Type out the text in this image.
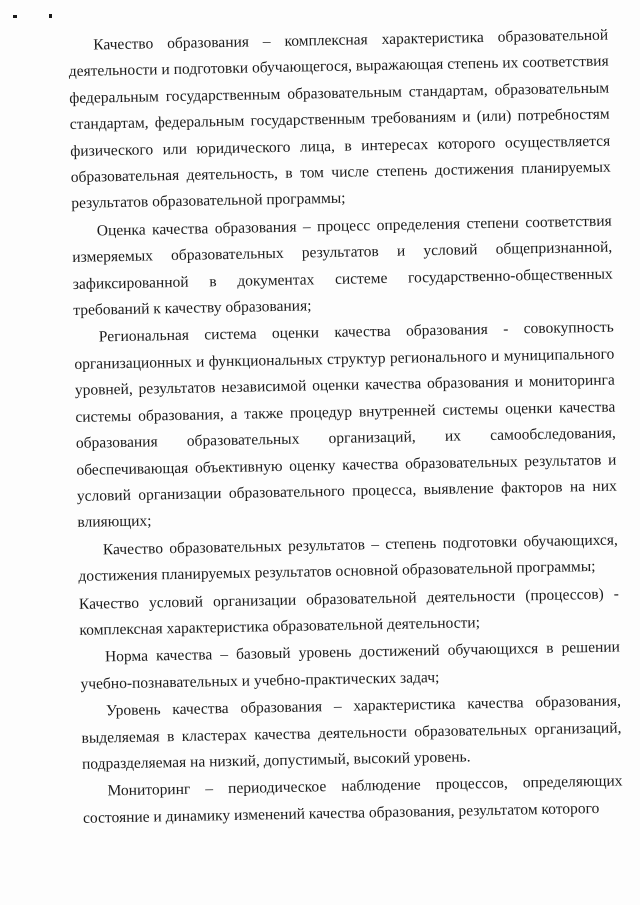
Качество образования – комплексная характеристика образовательной деятельности и подготовки обучающегося, выражающая степень их соответствия федеральным государственным образовательным стандартам, образовательным стандартам, федеральным государственным требованиям и (или) потребностям физического или юридического лица, в интересах которого осуществляется образовательная деятельность, в том числе степень достижения планируемых результатов образовательной программы;

Оценка качества образования – процесс определения степени соответствия измеряемых образовательных результатов и условий общепризнанной, зафиксированной в документах системе государственно-общественных требований к качеству образования;

Региональная система оценки качества образования - совокупность организационных и функциональных структур регионального и муниципального уровней, результатов независимой оценки качества образования и мониторинга системы образования, а также процедур внутренней системы оценки качества образования образовательных организаций, их самообследования, обеспечивающая объективную оценку качества образовательных результатов и условий организации образовательного процесса, выявление факторов на них влияющих;

Качество образовательных результатов – степень подготовки обучающихся, достижения планируемых результатов основной образовательной программы;

Качество условий организации образовательной деятельности (процессов) - комплексная характеристика образовательной деятельности;

Норма качества – базовый уровень достижений обучающихся в решении учебно-познавательных и учебно-практических задач;

Уровень качества образования – характеристика качества образования, выделяемая в кластерах качества деятельности образовательных организаций, подразделяемая на низкий, допустимый, высокий уровень.

Мониторинг – периодическое наблюдение процессов, определяющих состояние и динамику изменений качества образования, результатом которого
